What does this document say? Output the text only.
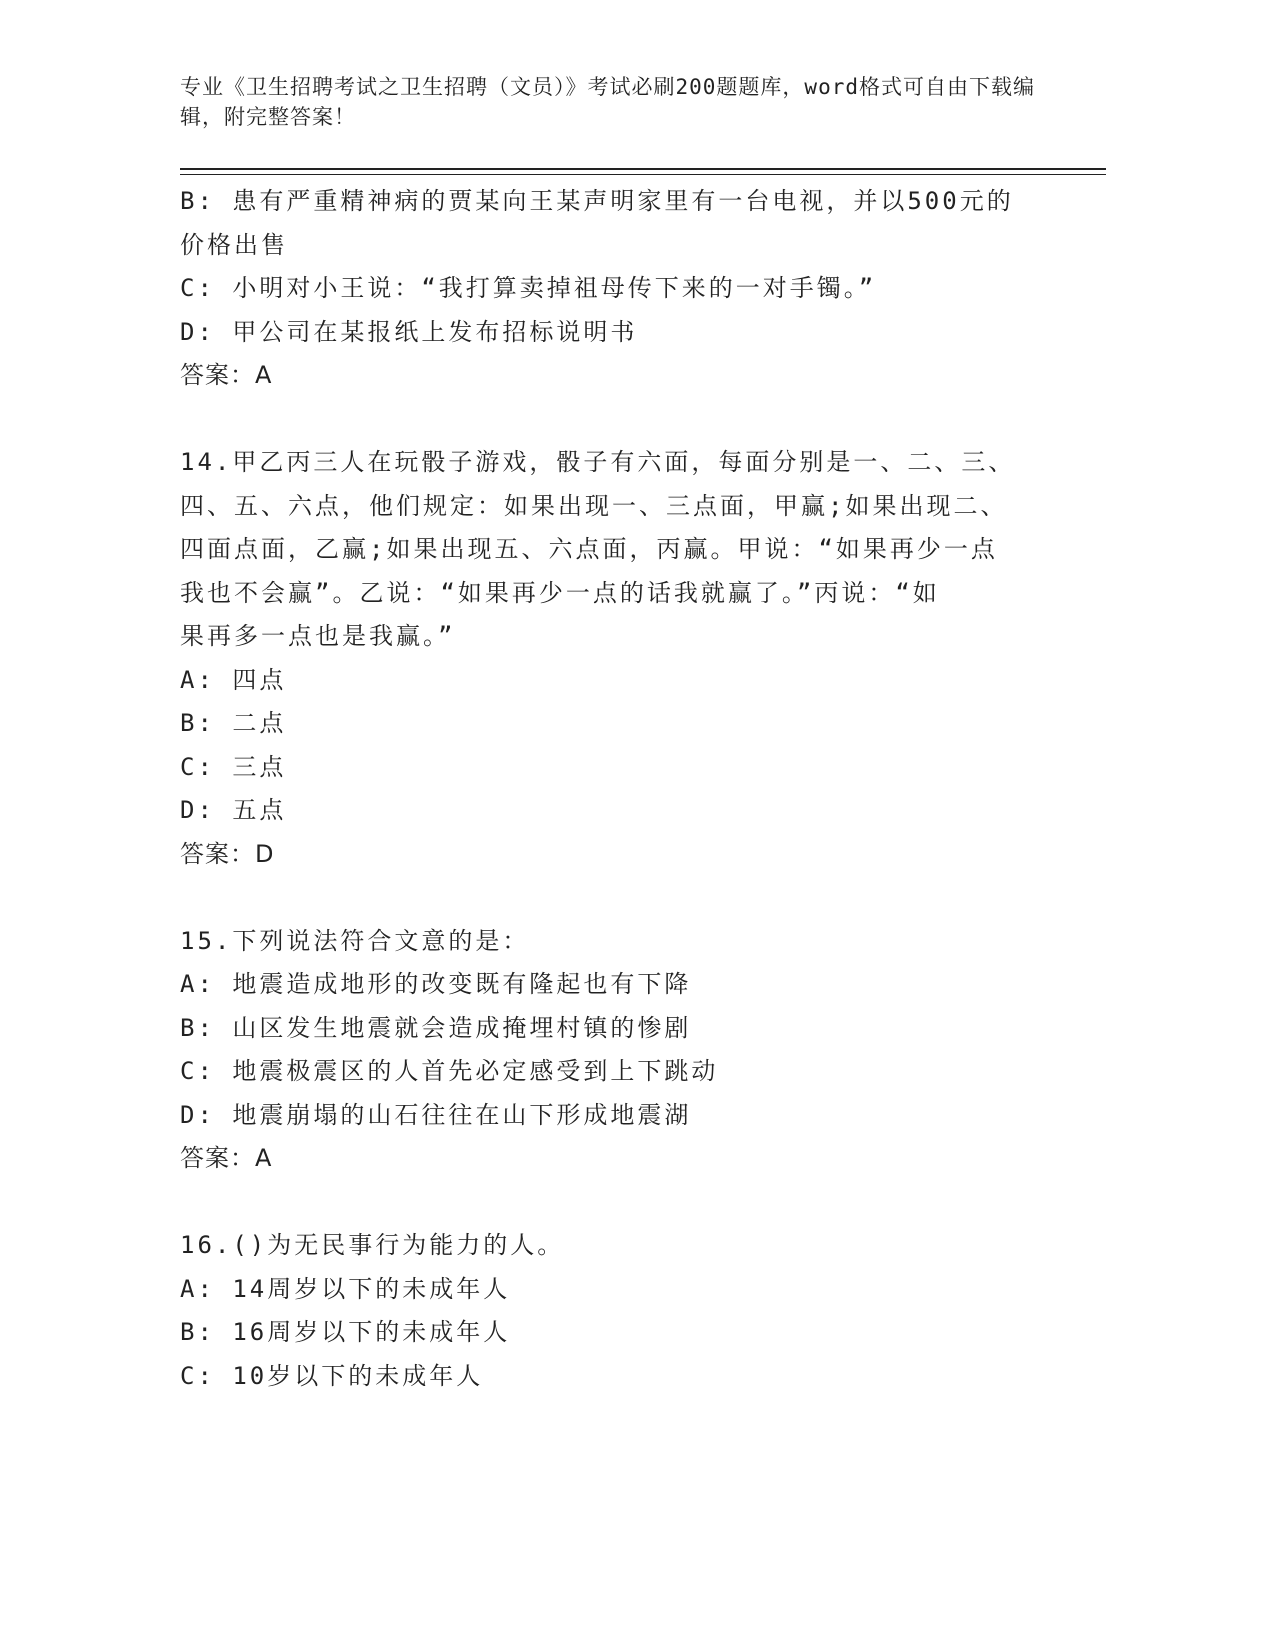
专业《卫生招聘考试之卫生招聘（文员）》考试必刷200题题库，word格式可自由下载编辑，附完整答案！
B: 患有严重精神病的贾某向王某声明家里有一台电视，并以500元的
价格出售
C: 小明对小王说：“我打算卖掉祖母传下来的一对手镯。”
D: 甲公司在某报纸上发布招标说明书
答案：A
14.甲乙丙三人在玩骰子游戏，骰子有六面，每面分别是一、二、三、
四、五、六点，他们规定：如果出现一、三点面，甲赢;如果出现二、
四面点面，乙赢;如果出现五、六点面，丙赢。甲说：“如果再少一点
我也不会赢”。乙说：“如果再少一点的话我就赢了。”丙说：“如
果再多一点也是我赢。”
A: 四点
B: 二点
C: 三点
D: 五点
答案：D
15.下列说法符合文意的是：
A: 地震造成地形的改变既有隆起也有下降
B: 山区发生地震就会造成掩埋村镇的惨剧
C: 地震极震区的人首先必定感受到上下跳动
D: 地震崩塌的山石往往在山下形成地震湖
答案：A
16.()为无民事行为能力的人。
A: 14周岁以下的未成年人
B: 16周岁以下的未成年人
C: 10岁以下的未成年人
